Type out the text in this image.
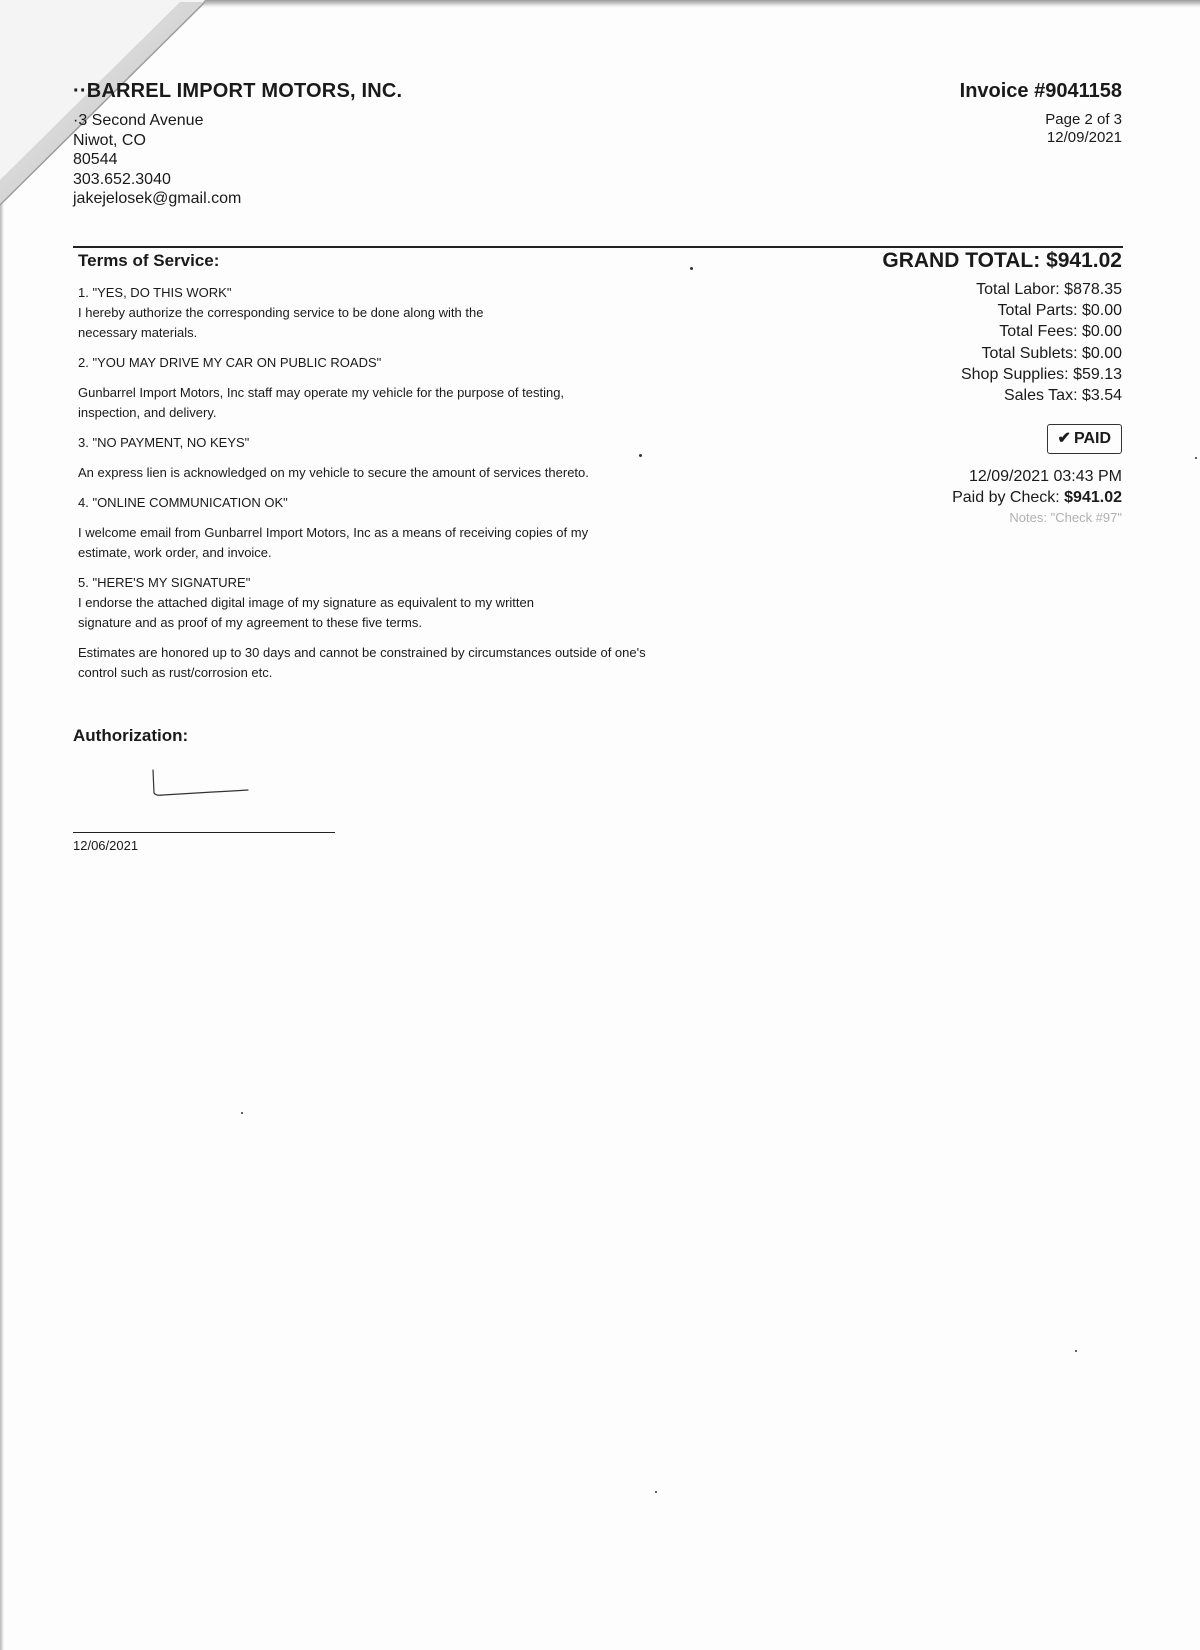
··BARREL IMPORT MOTORS, INC.
·3 Second Avenue
Niwot, CO
80544
303.652.3040
jakejelosek@gmail.com
Invoice #9041158
Page 2 of 3
12/09/2021
Terms of Service:
1. "YES, DO THIS WORK"
I hereby authorize the corresponding service to be done along with the necessary materials.
2. "YOU MAY DRIVE MY CAR ON PUBLIC ROADS"
Gunbarrel Import Motors, Inc staff may operate my vehicle for the purpose of testing, inspection, and delivery.
3. "NO PAYMENT, NO KEYS"
An express lien is acknowledged on my vehicle to secure the amount of services thereto.
4. "ONLINE COMMUNICATION OK"
I welcome email from Gunbarrel Import Motors, Inc as a means of receiving copies of my estimate, work order, and invoice.
5. "HERE'S MY SIGNATURE"
I endorse the attached digital image of my signature as equivalent to my written signature and as proof of my agreement to these five terms.
Estimates are honored up to 30 days and cannot be constrained by circumstances outside of one's control such as rust/corrosion etc.
Authorization:
12/06/2021
GRAND TOTAL: $941.02
Total Labor: $878.35
Total Parts: $0.00
Total Fees: $0.00
Total Sublets: $0.00
Shop Supplies: $59.13
Sales Tax: $3.54
✔ PAID
12/09/2021 03:43 PM
Paid by Check: $941.02
Notes: "Check #97"
